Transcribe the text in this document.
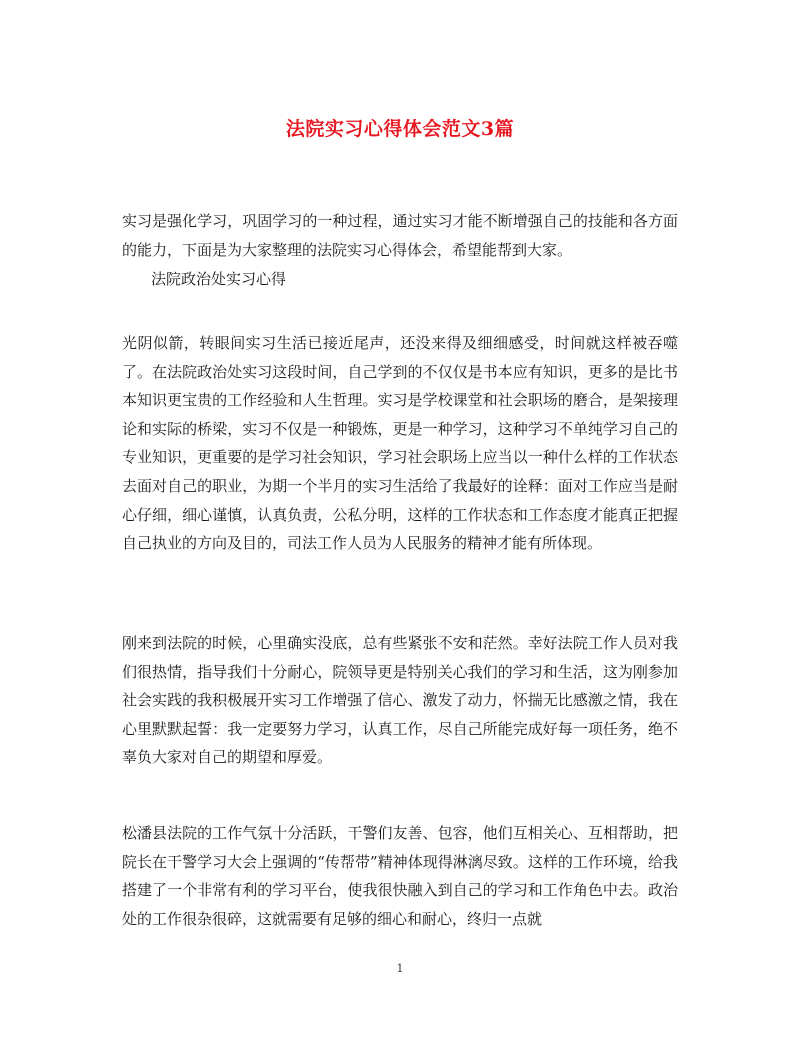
法院实习心得体会范文3篇
实习是强化学习，巩固学习的一种过程，通过实习才能不断增强自己的技能和各方面的能力，下面是为大家整理的法院实习心得体会，希望能帮到大家。
法院政治处实习心得
光阴似箭，转眼间实习生活已接近尾声，还没来得及细细感受，时间就这样被吞噬了。在法院政治处实习这段时间，自己学到的不仅仅是书本应有知识，更多的是比书本知识更宝贵的工作经验和人生哲理。实习是学校课堂和社会职场的磨合，是架接理论和实际的桥梁，实习不仅是一种锻炼，更是一种学习，这种学习不单纯学习自己的专业知识，更重要的是学习社会知识，学习社会职场上应当以一种什么样的工作状态去面对自己的职业，为期一个半月的实习生活给了我最好的诠释：面对工作应当是耐心仔细，细心谨慎，认真负责，公私分明，这样的工作状态和工作态度才能真正把握自己执业的方向及目的，司法工作人员为人民服务的精神才能有所体现。
刚来到法院的时候，心里确实没底，总有些紧张不安和茫然。幸好法院工作人员对我们很热情，指导我们十分耐心，院领导更是特别关心我们的学习和生活，这为刚参加社会实践的我积极展开实习工作增强了信心、激发了动力，怀揣无比感激之情，我在心里默默起誓：我一定要努力学习，认真工作，尽自己所能完成好每一项任务，绝不辜负大家对自己的期望和厚爱。
松潘县法院的工作气氛十分活跃，干警们友善、包容，他们互相关心、互相帮助，把院长在干警学习大会上强调的“传帮带”精神体现得淋漓尽致。这样的工作环境，给我搭建了一个非常有利的学习平台，使我很快融入到自己的学习和工作角色中去。政治处的工作很杂很碎，这就需要有足够的细心和耐心，终归一点就
1
